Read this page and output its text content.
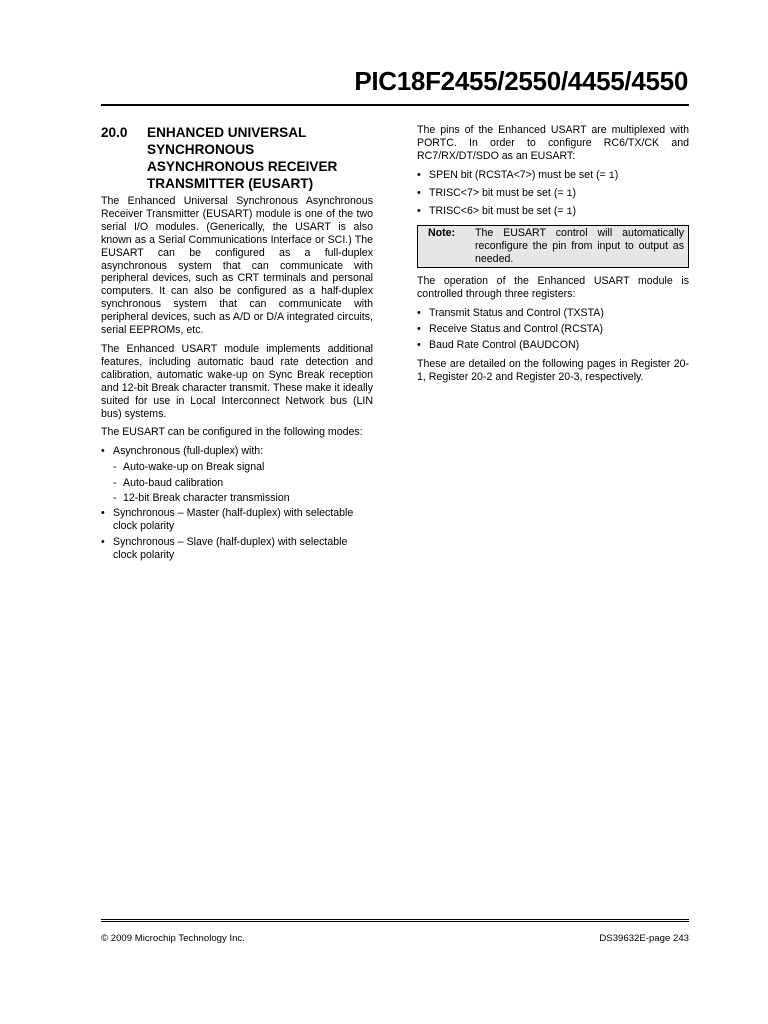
PIC18F2455/2550/4455/4550
20.0	ENHANCED UNIVERSAL SYNCHRONOUS ASYNCHRONOUS RECEIVER TRANSMITTER (EUSART)

The Enhanced Universal Synchronous Asynchronous Receiver Transmitter (EUSART) module is one of the two serial I/O modules. (Generically, the USART is also known as a Serial Communications Interface or SCI.) The EUSART can be configured as a full-duplex asynchronous system that can communicate with peripheral devices, such as CRT terminals and personal computers. It can also be configured as a half-duplex synchronous system that can communicate with peripheral devices, such as A/D or D/A integrated circuits, serial EEPROMs, etc.

The Enhanced USART module implements additional features, including automatic baud rate detection and calibration, automatic wake-up on Sync Break reception and 12-bit Break character transmit. These make it ideally suited for use in Local Interconnect Network bus (LIN bus) systems.

The EUSART can be configured in the following modes:

• Asynchronous (full-duplex) with:
- Auto-wake-up on Break signal
- Auto-baud calibration
- 12-bit Break character transmission
• Synchronous – Master (half-duplex) with selectable clock polarity
• Synchronous – Slave (half-duplex) with selectable clock polarity

The pins of the Enhanced USART are multiplexed with PORTC. In order to configure RC6/TX/CK and RC7/RX/DT/SDO as an EUSART:

• SPEN bit (RCSTA<7>) must be set (= 1)
• TRISC<7> bit must be set (= 1)
• TRISC<6> bit must be set (= 1)
Note:	The EUSART control will automatically reconfigure the pin from input to output as needed.

The operation of the Enhanced USART module is controlled through three registers:

• Transmit Status and Control (TXSTA)
• Receive Status and Control (RCSTA)
• Baud Rate Control (BAUDCON)

These are detailed on the following pages in Register 20-1, Register 20-2 and Register 20-3, respectively.

© 2009 Microchip Technology Inc.	DS39632E-page 243
